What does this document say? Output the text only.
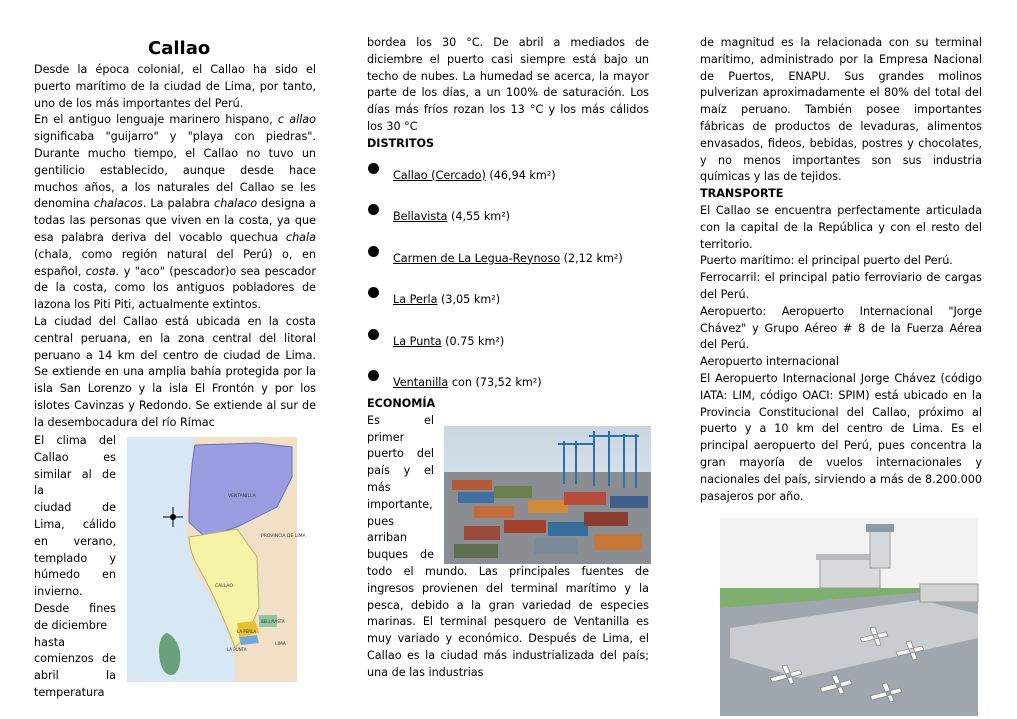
Callao

Desde la época colonial, el Callao ha sido el puerto marítimo de la ciudad de Lima, por tanto, uno de los más importantes del Perú.

En el antiguo lenguaje marinero hispano, c allao significaba "guijarro" y "playa con piedras". Durante mucho tiempo, el Callao no tuvo un gentilicio establecido, aunque desde hace muchos años, a los naturales del Callao se les denomina chalacos. La palabra chalaco designa a todas las personas que viven en la costa, ya que esa palabra deriva del vocablo quechua chala (chala, como región natural del Perú) o, en español, costa. y "aco" (pescador)o sea pescador de la costa, como los antiguos pobladores de lazona los Piti Piti, actualmente extintos.

La ciudad del Callao está ubicada en la costa central peruana, en la zona central del litoral peruano a 14 km del centro de ciudad de Lima. Se extiende en una amplia bahía protegida por la isla San Lorenzo y la isla El Frontón y por los islotes Cavinzas y Redondo. Se extiende al sur de la desembocadura del río Rímac

El clima del
Callao es
similar al de la
ciudad de
Lima, cálido
en verano,
templado y
húmedo en
invierno.
Desde fines
de diciembre
hasta
comienzos de
abril la
temperatura
VENTANILLA
PROVINCIA DE LIMA
CALLAO
LA PERLA
LA PUNTA
BELLAVISTA
LIMA

bordea los 30 °C. De abril a mediados de diciembre el puerto casi siempre está bajo un techo de nubes. La humedad se acerca, la mayor parte de los días, a un 100% de saturación. Los días más fríos rozan los 13 °C y los más cálidos los 30 °C

DISTRITOS
Callao (Cercado) (46,94 km²)
Bellavista (4,55 km²)
Carmen de La Legua-Reynoso (2,12 km²)
La Perla (3,05 km²)
La Punta (0.75 km²)
Ventanilla con (73,52 km²)
ECONOMÍA
Es el
primer
puerto del
país y el
más
importante,
pues
arriban
buques de

todo el mundo. Las principales fuentes de ingresos provienen del terminal marítimo y la pesca, debido a la gran variedad de especies marinas. El terminal pesquero de Ventanilla es muy variado y económico. Después de Lima, el Callao es la ciudad más industrializada del país; una de las industrias

de magnitud es la relacionada con su terminal marítimo, administrado por la Empresa Nacional de Puertos, ENAPU. Sus grandes molinos pulverizan aproximadamente el 80% del total del maíz peruano. También posee importantes fábricas de productos de levaduras, alimentos envasados, fideos, bebidas, postres y chocolates, y no menos importantes son sus industria químicas y las de tejidos.

TRANSPORTE

El Callao se encuentra perfectamente articulada con la capital de la República y con el resto del territorio.

Puerto marítimo: el principal puerto del Perú.

Ferrocarril: el principal patio ferroviario de cargas del Perú.

Aeropuerto: Aeropuerto Internacional "Jorge Chávez" y Grupo Aéreo # 8 de la Fuerza Aérea del Perú.

Aeropuerto internacional

El Aeropuerto Internacional Jorge Chávez (código IATA: LIM, código OACI: SPIM) está ubicado en la Provincia Constitucional del Callao, próximo al puerto y a 10 km del centro de Lima. Es el principal aeropuerto del Perú, pues concentra la gran mayoría de vuelos internacionales y nacionales del país, sirviendo a más de 8.200.000 pasajeros por año.
